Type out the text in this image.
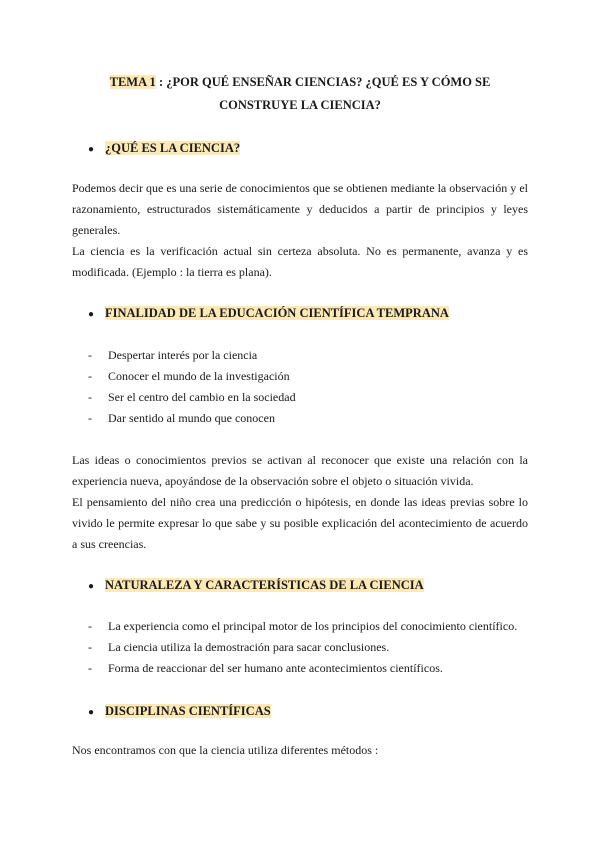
TEMA 1 : ¿POR QUÉ ENSEÑAR CIENCIAS? ¿QUÉ ES Y CÓMO SE CONSTRUYE LA CIENCIA?
● ¿QUÉ ES LA CIENCIA?

Podemos decir que es una serie de conocimientos que se obtienen mediante la observación y el razonamiento, estructurados sistemáticamente y deducidos a partir de principios y leyes generales.

La ciencia es la verificación actual sin certeza absoluta. No es permanente, avanza y es modificada. (Ejemplo : la tierra es plana).

● FINALIDAD DE LA EDUCACIÓN CIENTÍFICA TEMPRANA
- Despertar interés por la ciencia
- Conocer el mundo de la investigación
- Ser el centro del cambio en la sociedad
- Dar sentido al mundo que conocen

Las ideas o conocimientos previos se activan al reconocer que existe una relación con la experiencia nueva, apoyándose de la observación sobre el objeto o situación vivida.

El pensamiento del niño crea una predicción o hipótesis, en donde las ideas previas sobre lo vivido le permite expresar lo que sabe y su posible explicación del acontecimiento de acuerdo a sus creencias.

● NATURALEZA Y CARACTERÍSTICAS DE LA CIENCIA
- La experiencia como el principal motor de los principios del conocimiento científico.
- La ciencia utiliza la demostración para sacar conclusiones.
- Forma de reaccionar del ser humano ante acontecimientos científicos.
● DISCIPLINAS CIENTÍFICAS

Nos encontramos con que la ciencia utiliza diferentes métodos :
